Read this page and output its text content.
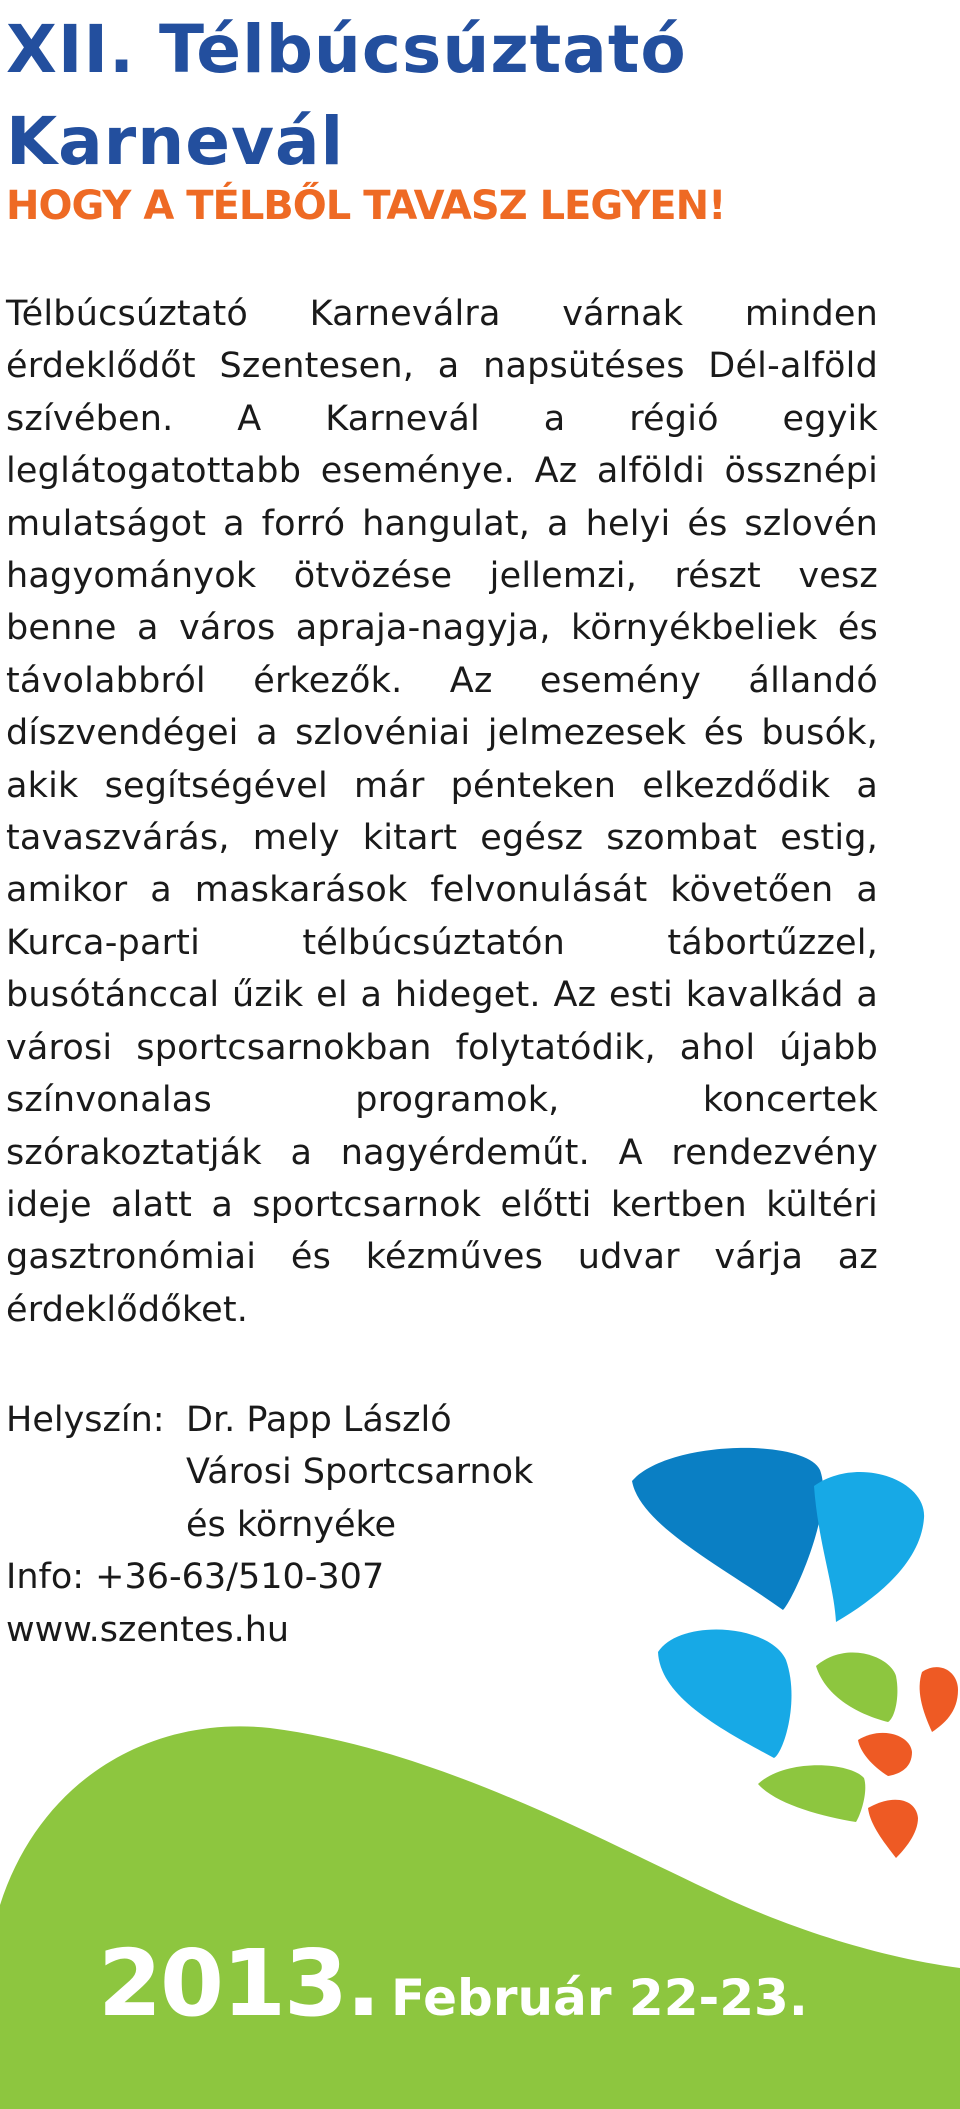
XII. Télbúcsúztató Karnevál
HOGY A TÉLBŐL TAVASZ LEGYEN!

Télbúcsúztató Karneválra várnak minden érdeklődőt Szentesen, a napsütéses Dél-alföld szívében. A Karnevál a régió egyik leglátogatottabb eseménye. Az alföldi össznépi mulatságot a forró hangulat, a helyi és szlovén hagyományok ötvözése jellemzi, részt vesz benne a város apraja-nagyja, környékbeliek és távolabbról érkezők. Az esemény állandó díszvendégei a szlovéniai jelmezesek és busók, akik segítségével már pénteken elkezdődik a tavaszvárás, mely kitart egész szombat estig, amikor a maskarások felvonulását követően a Kurca-parti télbúcsúztatón tábortűzzel, busótánccal űzik el a hideget. Az esti kavalkád a városi sportcsarnokban folytatódik, ahol újabb színvonalas programok, koncertek szórakoztatják a nagyérdeműt. A rendezvény ideje alatt a sportcsarnok előtti kertben kültéri gasztronómiai és kézműves udvar várja az érdeklődőket.

Helyszín: Dr. Papp László
Városi Sportcsarnok
és környéke
Info: +36-63/510-307
www.szentes.hu
2013. Február 22-23.
